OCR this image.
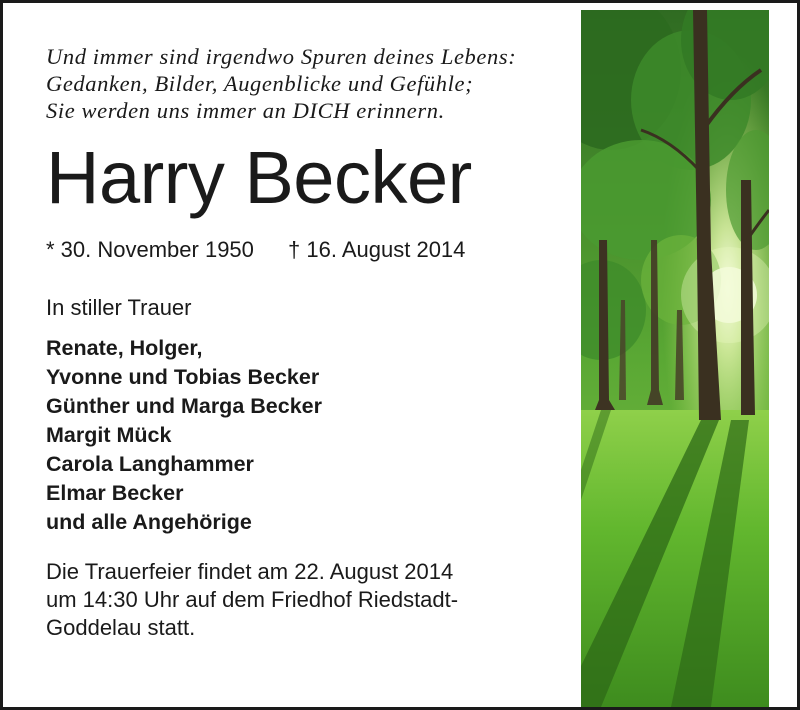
Und immer sind irgendwo Spuren deines Lebens:
Gedanken, Bilder, Augenblicke und Gefühle;
Sie werden uns immer an DICH erinnern.
Harry Becker
* 30. November 1950 † 16. August 2014
In stiller Trauer
Renate, Holger,
Yvonne und Tobias Becker
Günther und Marga Becker
Margit Mück
Carola Langhammer
Elmar Becker
und alle Angehörige
Die Trauerfeier findet am 22. August 2014
um 14:30 Uhr auf dem Friedhof Riedstadt-
Goddelau statt.
